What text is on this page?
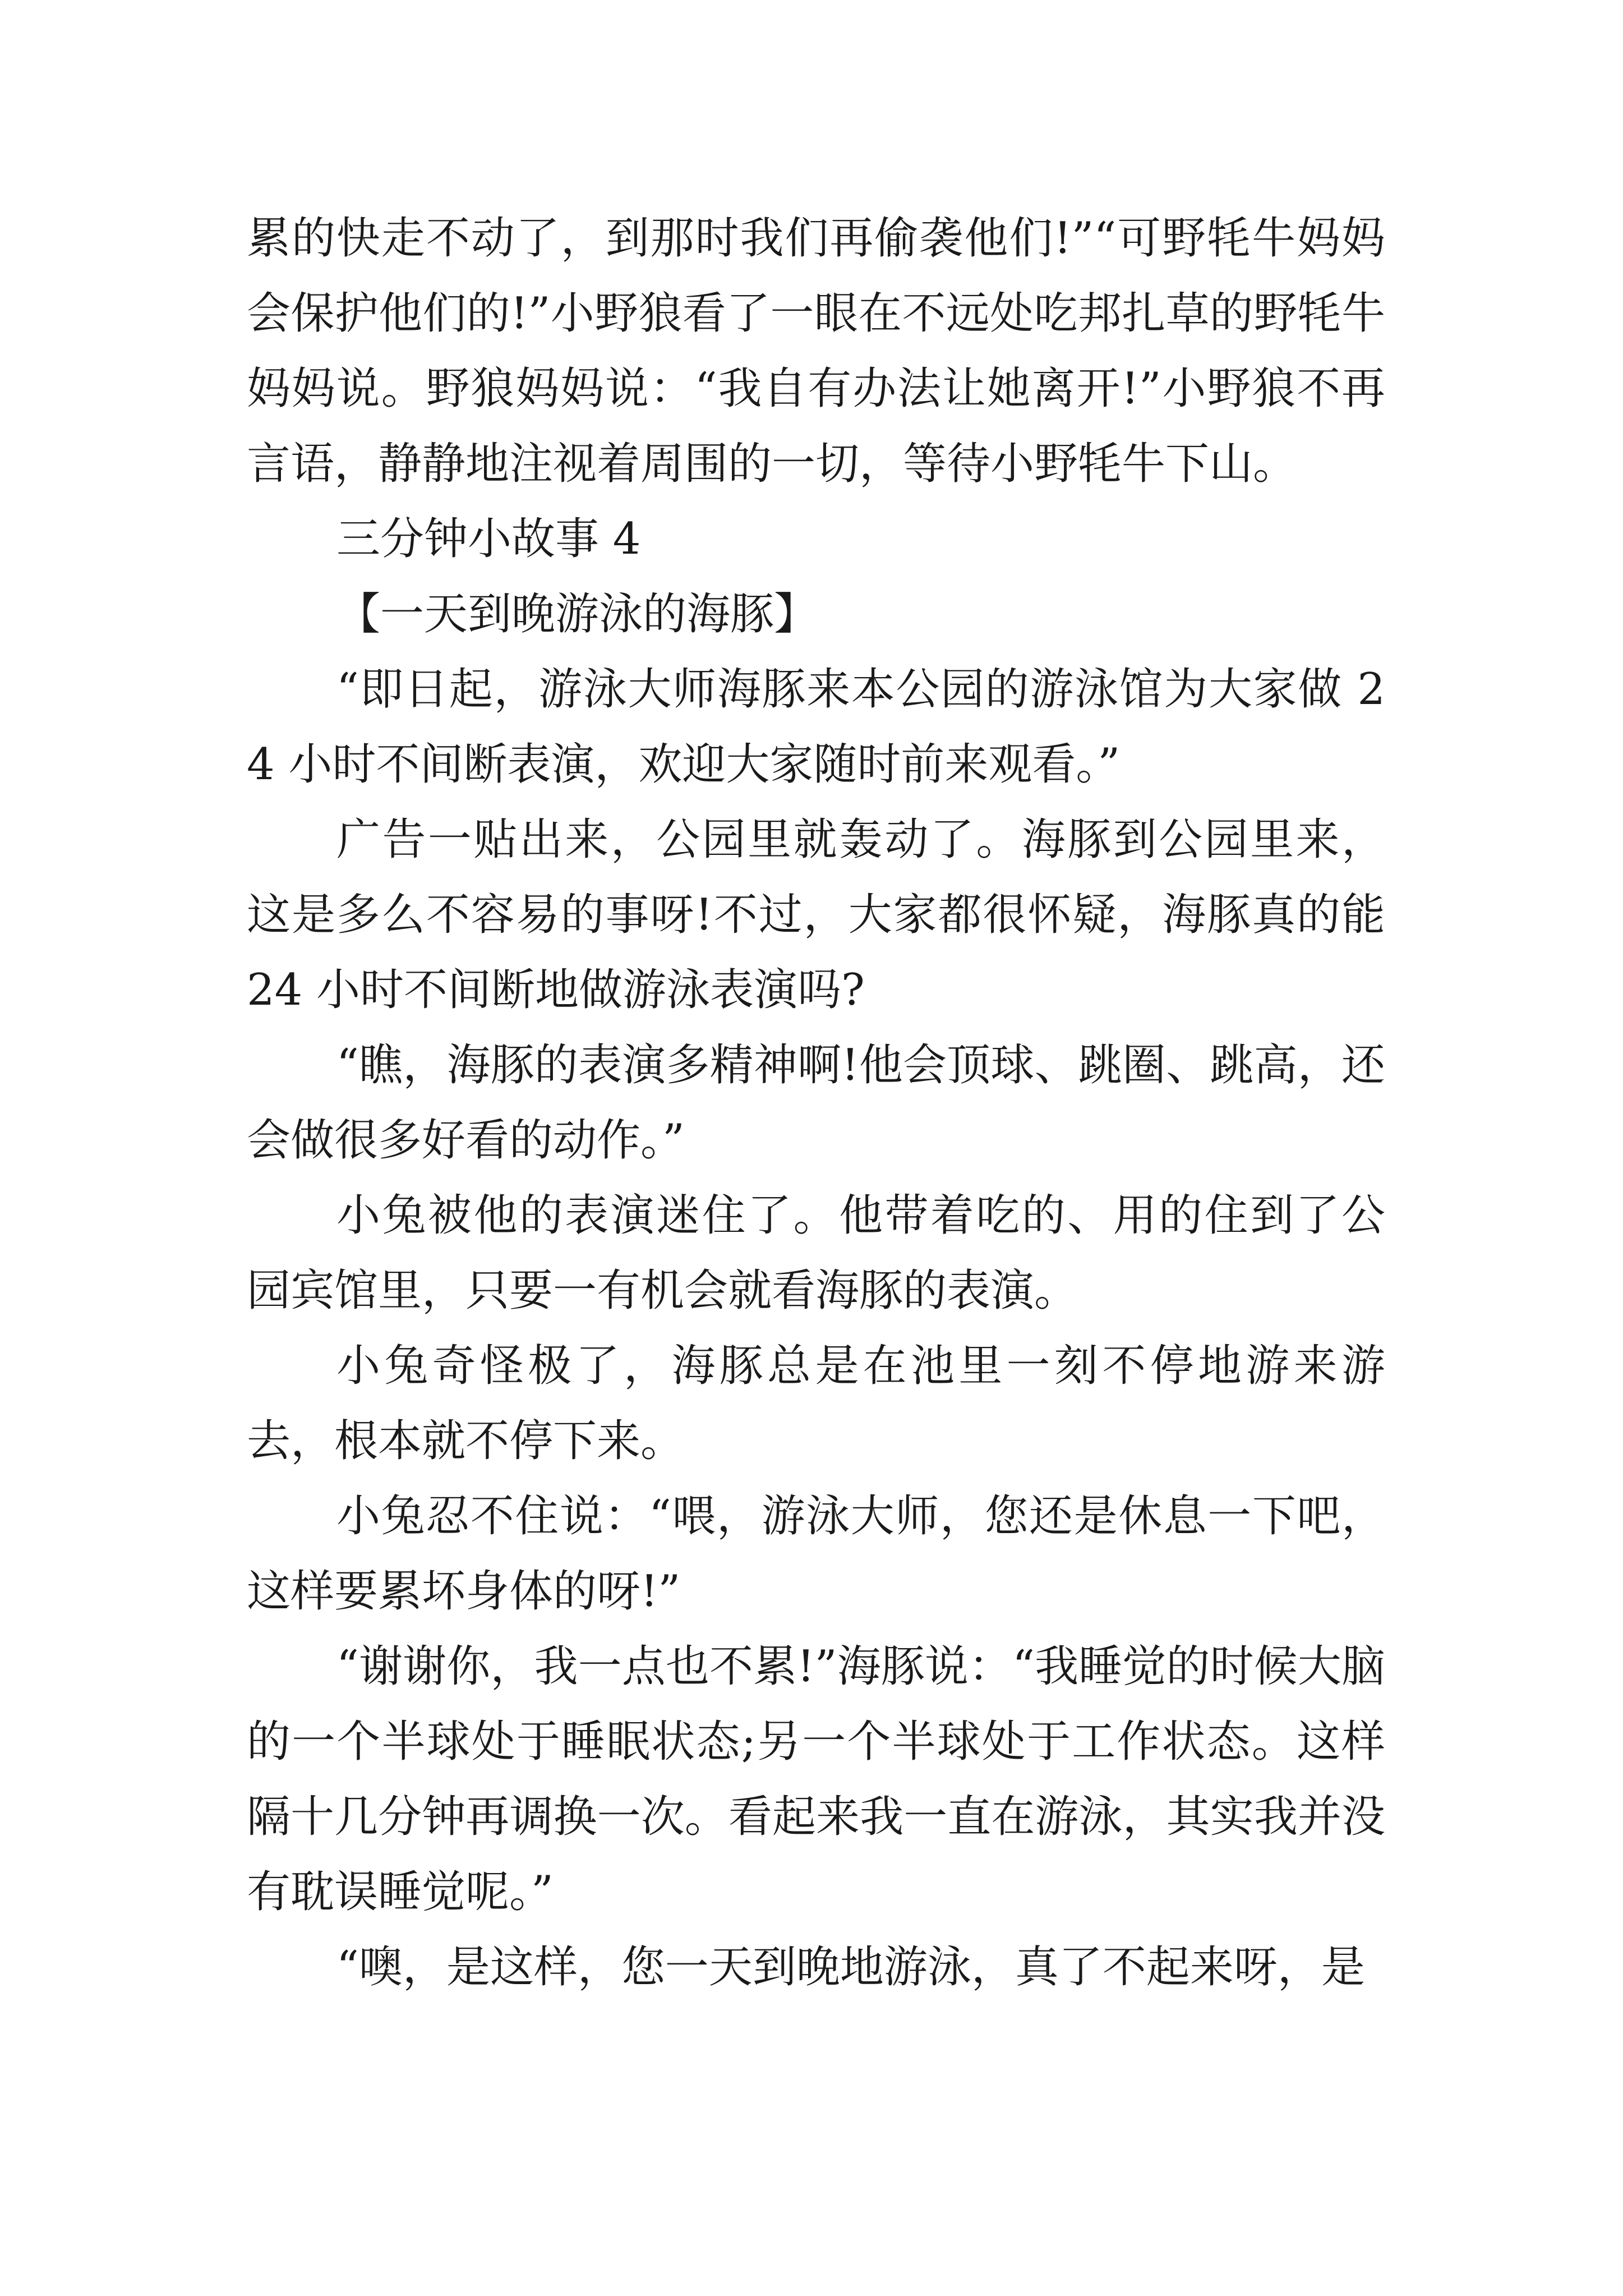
累的快走不动了，到那时我们再偷袭他们!”“可野牦牛妈妈会保护他们的!”小野狼看了一眼在不远处吃邦扎草的野牦牛妈妈说。野狼妈妈说：“我自有办法让她离开!”小野狼不再言语，静静地注视着周围的一切，等待小野牦牛下山。

三分钟小故事 4

【一天到晚游泳的海豚】

“即日起，游泳大师海豚来本公园的游泳馆为大家做 24 小时不间断表演，欢迎大家随时前来观看。”

广告一贴出来，公园里就轰动了。海豚到公园里来，这是多么不容易的事呀!不过，大家都很怀疑，海豚真的能 24 小时不间断地做游泳表演吗?

“瞧，海豚的表演多精神啊!他会顶球、跳圈、跳高，还会做很多好看的动作。”

小兔被他的表演迷住了。他带着吃的、用的住到了公园宾馆里，只要一有机会就看海豚的表演。

小兔奇怪极了，海豚总是在池里一刻不停地游来游去，根本就不停下来。

小兔忍不住说：“喂，游泳大师，您还是休息一下吧，这样要累坏身体的呀!”

“谢谢你，我一点也不累!”海豚说：“我睡觉的时候大脑的一个半球处于睡眠状态;另一个半球处于工作状态。这样隔十几分钟再调换一次。看起来我一直在游泳，其实我并没有耽误睡觉呢。”

“噢，是这样，您一天到晚地游泳，真了不起来呀，是
